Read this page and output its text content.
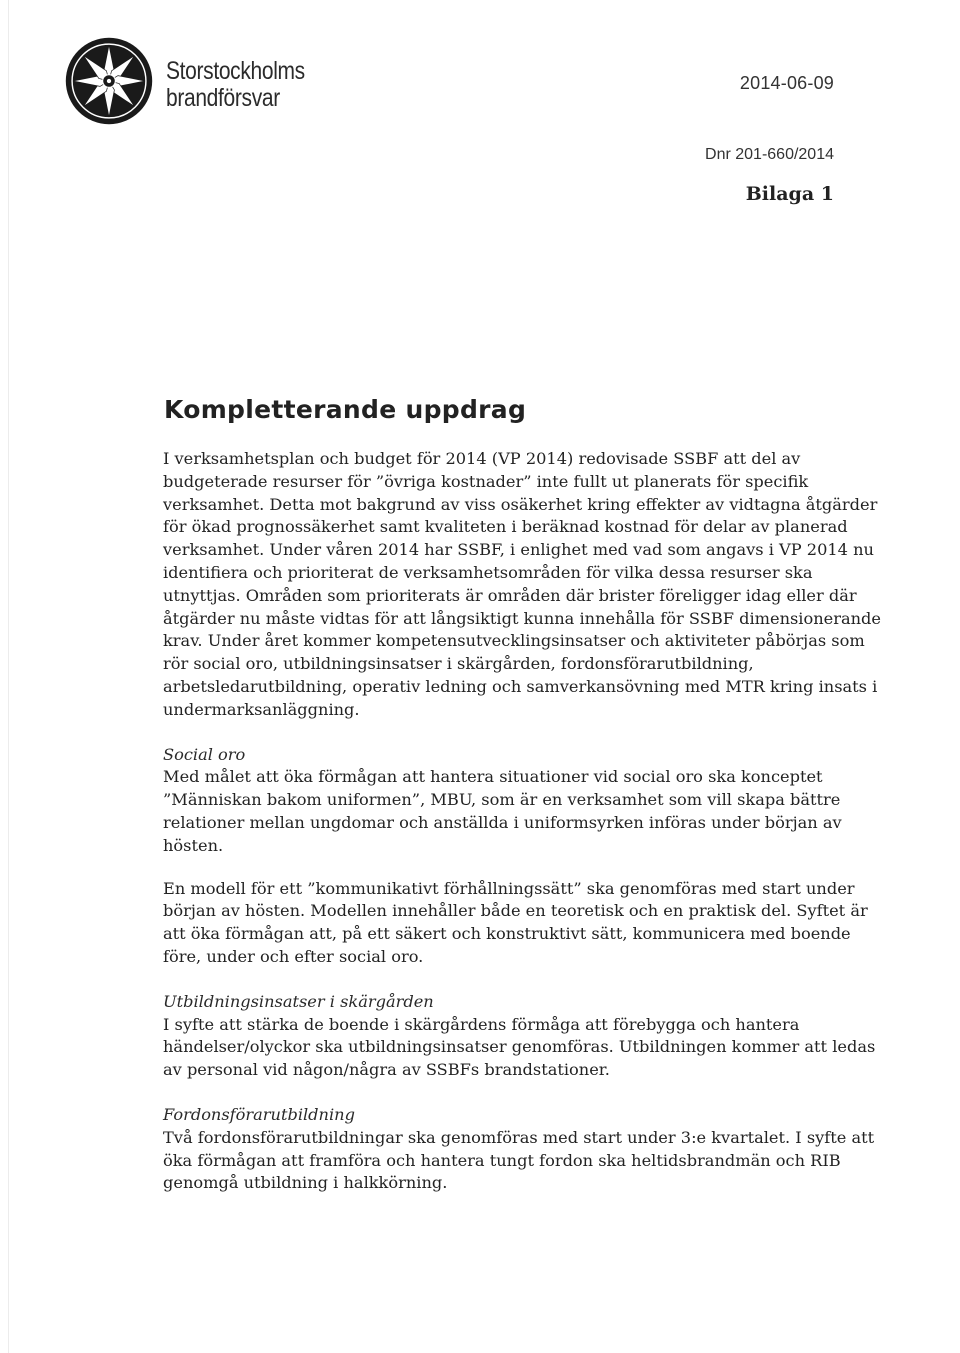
Storstockholms
brandförsvar
2014-06-09
Dnr 201-660/2014
Bilaga 1
Kompletterande uppdrag

I verksamhetsplan och budget för 2014 (VP 2014) redovisade SSBF att del av
budgeterade resurser för ”övriga kostnader” inte fullt ut planerats för specifik
verksamhet. Detta mot bakgrund av viss osäkerhet kring effekter av vidtagna åtgärder
för ökad prognossäkerhet samt kvaliteten i beräknad kostnad för delar av planerad
verksamhet. Under våren 2014 har SSBF, i enlighet med vad som angavs i VP 2014 nu
identifiera och prioriterat de verksamhetsområden för vilka dessa resurser ska
utnyttjas. Områden som prioriterats är områden där brister föreligger idag eller där
åtgärder nu måste vidtas för att långsiktigt kunna innehålla för SSBF dimensionerande
krav. Under året kommer kompetensutvecklingsinsatser och aktiviteter påbörjas som
rör social oro, utbildningsinsatser i skärgården, fordonsförarutbildning,
arbetsledarutbildning, operativ ledning och samverkansövning med MTR kring insats i
undermarksanläggning.

Social oro

Med målet att öka förmågan att hantera situationer vid social oro ska konceptet
”Människan bakom uniformen”, MBU, som är en verksamhet som vill skapa bättre
relationer mellan ungdomar och anställda i uniformsyrken införas under början av
hösten.

En modell för ett ”kommunikativt förhållningssätt” ska genomföras med start under
början av hösten. Modellen innehåller både en teoretisk och en praktisk del. Syftet är
att öka förmågan att, på ett säkert och konstruktivt sätt, kommunicera med boende
före, under och efter social oro.

Utbildningsinsatser i skärgården

I syfte att stärka de boende i skärgårdens förmåga att förebygga och hantera
händelser/olyckor ska utbildningsinsatser genomföras. Utbildningen kommer att ledas
av personal vid någon/några av SSBFs brandstationer.

Fordonsförarutbildning

Två fordonsförarutbildningar ska genomföras med start under 3:e kvartalet. I syfte att
öka förmågan att framföra och hantera tungt fordon ska heltidsbrandmän och RIB
genomgå utbildning i halkkörning.
